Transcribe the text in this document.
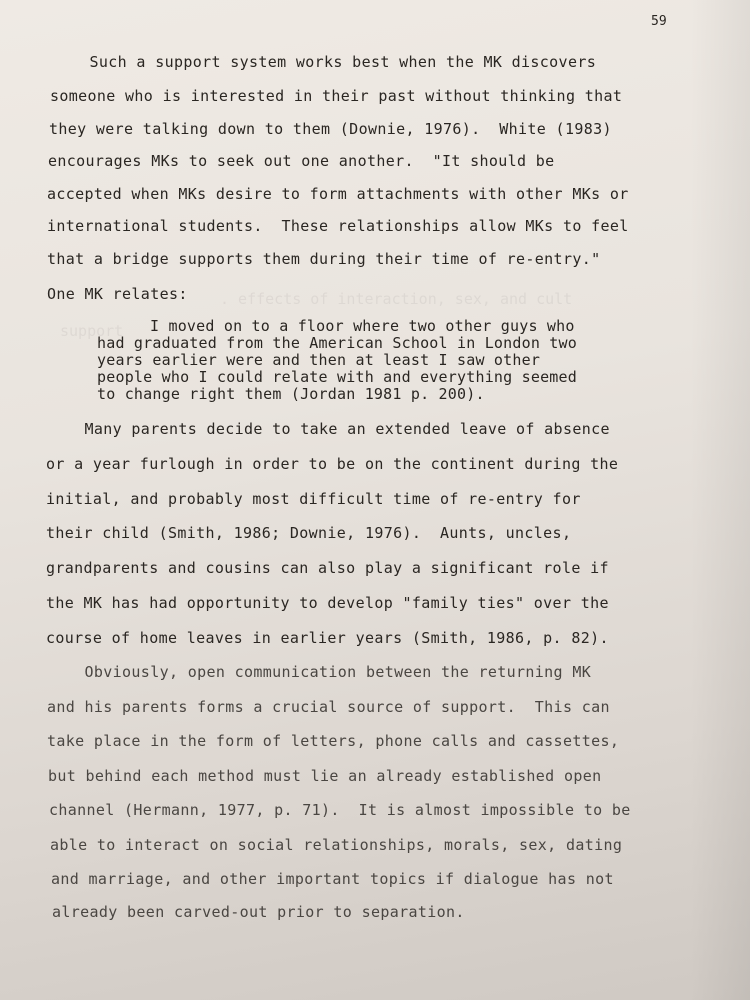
. effects of interaction, sex, and cult
support
59
Such a support system works best when the MK discovers
someone who is interested in their past without thinking that
they were talking down to them (Downie, 1976).  White (1983)
encourages MKs to seek out one another.  "It should be
accepted when MKs desire to form attachments with other MKs or
international students.  These relationships allow MKs to feel
that a bridge supports them during their time of re-entry."
One MK relates:
I moved on to a floor where two other guys who
had graduated from the American School in London two
years earlier were and then at least I saw other
people who I could relate with and everything seemed
to change right them (Jordan 1981 p. 200).
Many parents decide to take an extended leave of absence
or a year furlough in order to be on the continent during the
initial, and probably most difficult time of re-entry for
their child (Smith, 1986; Downie, 1976).  Aunts, uncles,
grandparents and cousins can also play a significant role if
the MK has had opportunity to develop "family ties" over the
course of home leaves in earlier years (Smith, 1986, p. 82).
Obviously, open communication between the returning MK
and his parents forms a crucial source of support.  This can
take place in the form of letters, phone calls and cassettes,
but behind each method must lie an already established open
channel (Hermann, 1977, p. 71).  It is almost impossible to be
able to interact on social relationships, morals, sex, dating
and marriage, and other important topics if dialogue has not
already been carved-out prior to separation.
